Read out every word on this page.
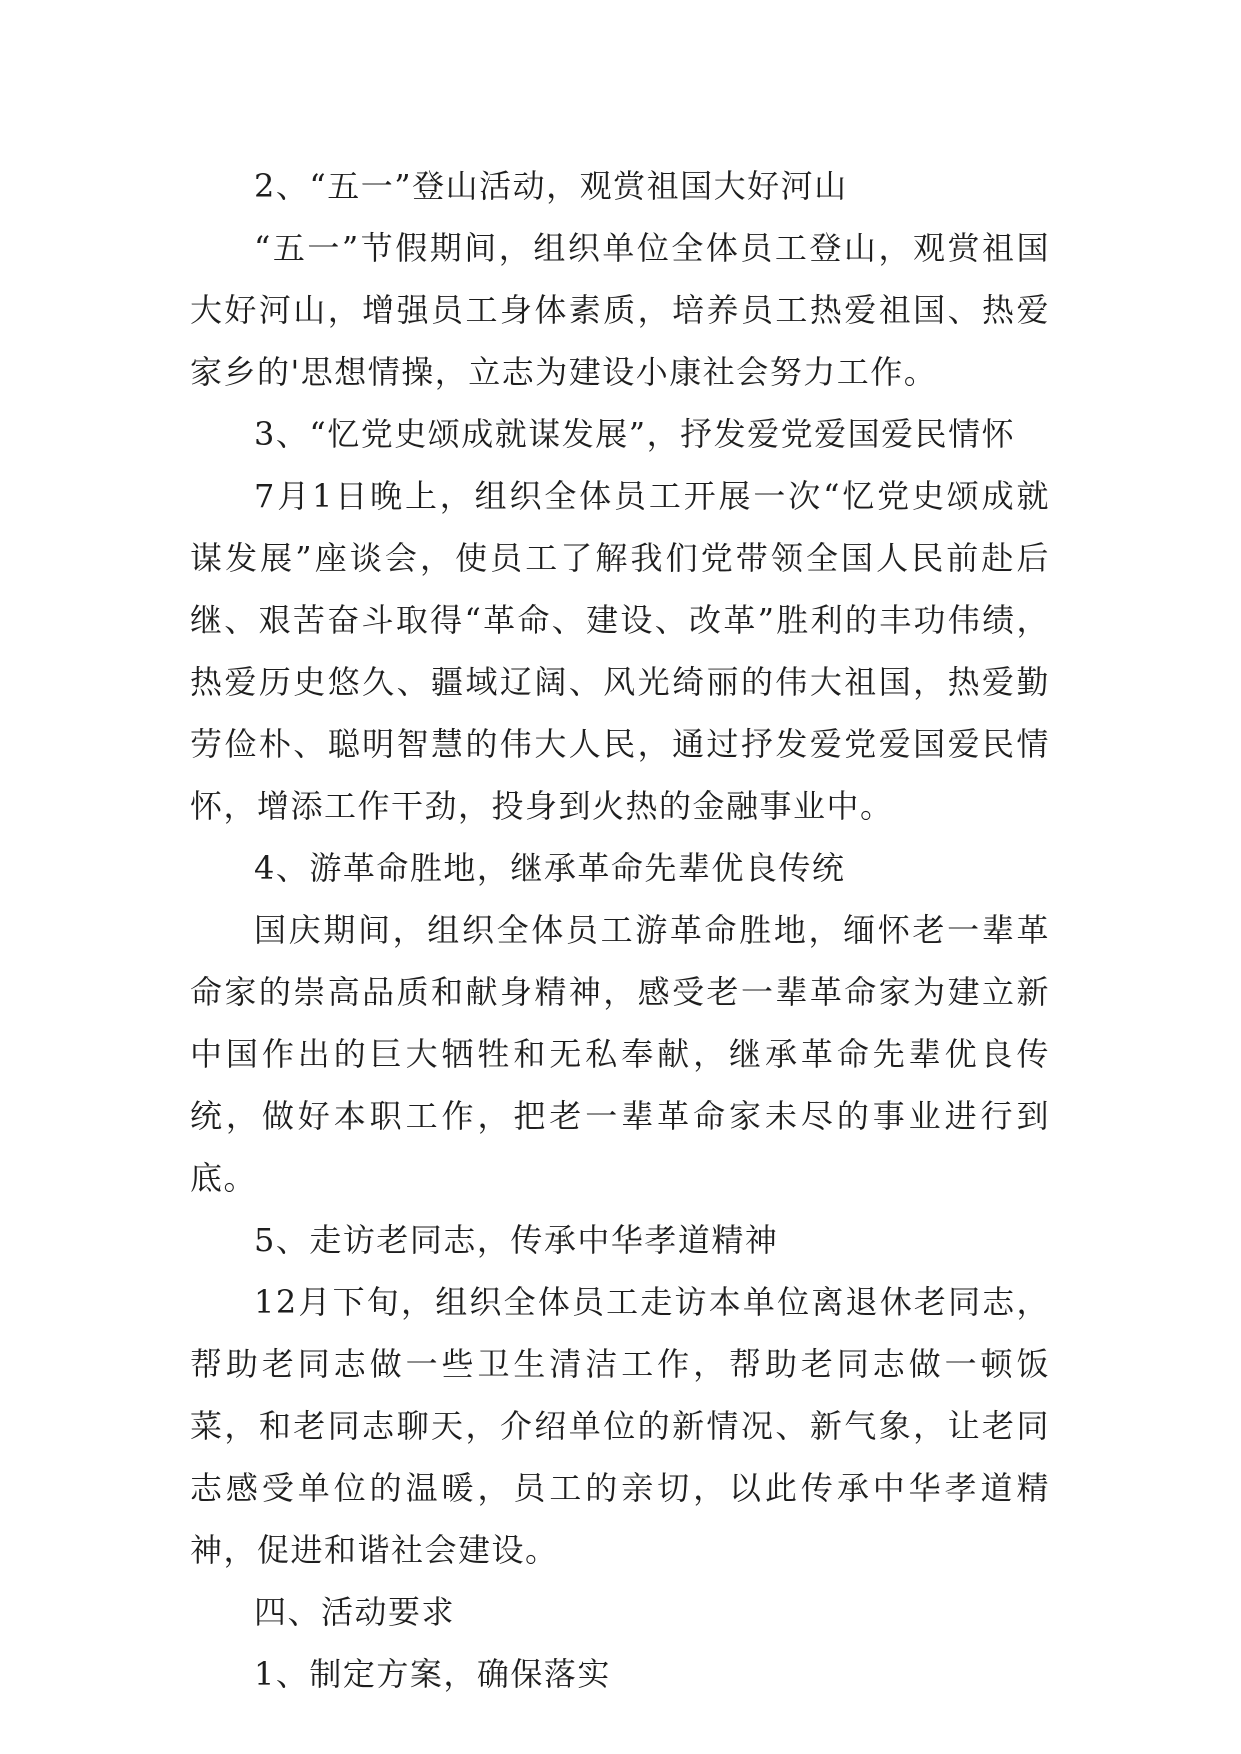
2、“五一”登山活动，观赏祖国大好河山

“五一”节假期间，组织单位全体员工登山，观赏祖国大好河山，增强员工身体素质，培养员工热爱祖国、热爱家乡的'思想情操，立志为建设小康社会努力工作。

3、“忆党史颂成就谋发展”，抒发爱党爱国爱民情怀

7月1日晚上，组织全体员工开展一次“忆党史颂成就谋发展”座谈会，使员工了解我们党带领全国人民前赴后继、艰苦奋斗取得“革命、建设、改革”胜利的丰功伟绩，热爱历史悠久、疆域辽阔、风光绮丽的伟大祖国，热爱勤劳俭朴、聪明智慧的伟大人民，通过抒发爱党爱国爱民情怀，增添工作干劲，投身到火热的金融事业中。

4、游革命胜地，继承革命先辈优良传统

国庆期间，组织全体员工游革命胜地，缅怀老一辈革命家的崇高品质和献身精神，感受老一辈革命家为建立新中国作出的巨大牺牲和无私奉献，继承革命先辈优良传统，做好本职工作，把老一辈革命家未尽的事业进行到底。

5、走访老同志，传承中华孝道精神

12月下旬，组织全体员工走访本单位离退休老同志，帮助老同志做一些卫生清洁工作，帮助老同志做一顿饭菜，和老同志聊天，介绍单位的新情况、新气象，让老同志感受单位的温暖，员工的亲切，以此传承中华孝道精神，促进和谐社会建设。

四、活动要求

1、制定方案，确保落实
